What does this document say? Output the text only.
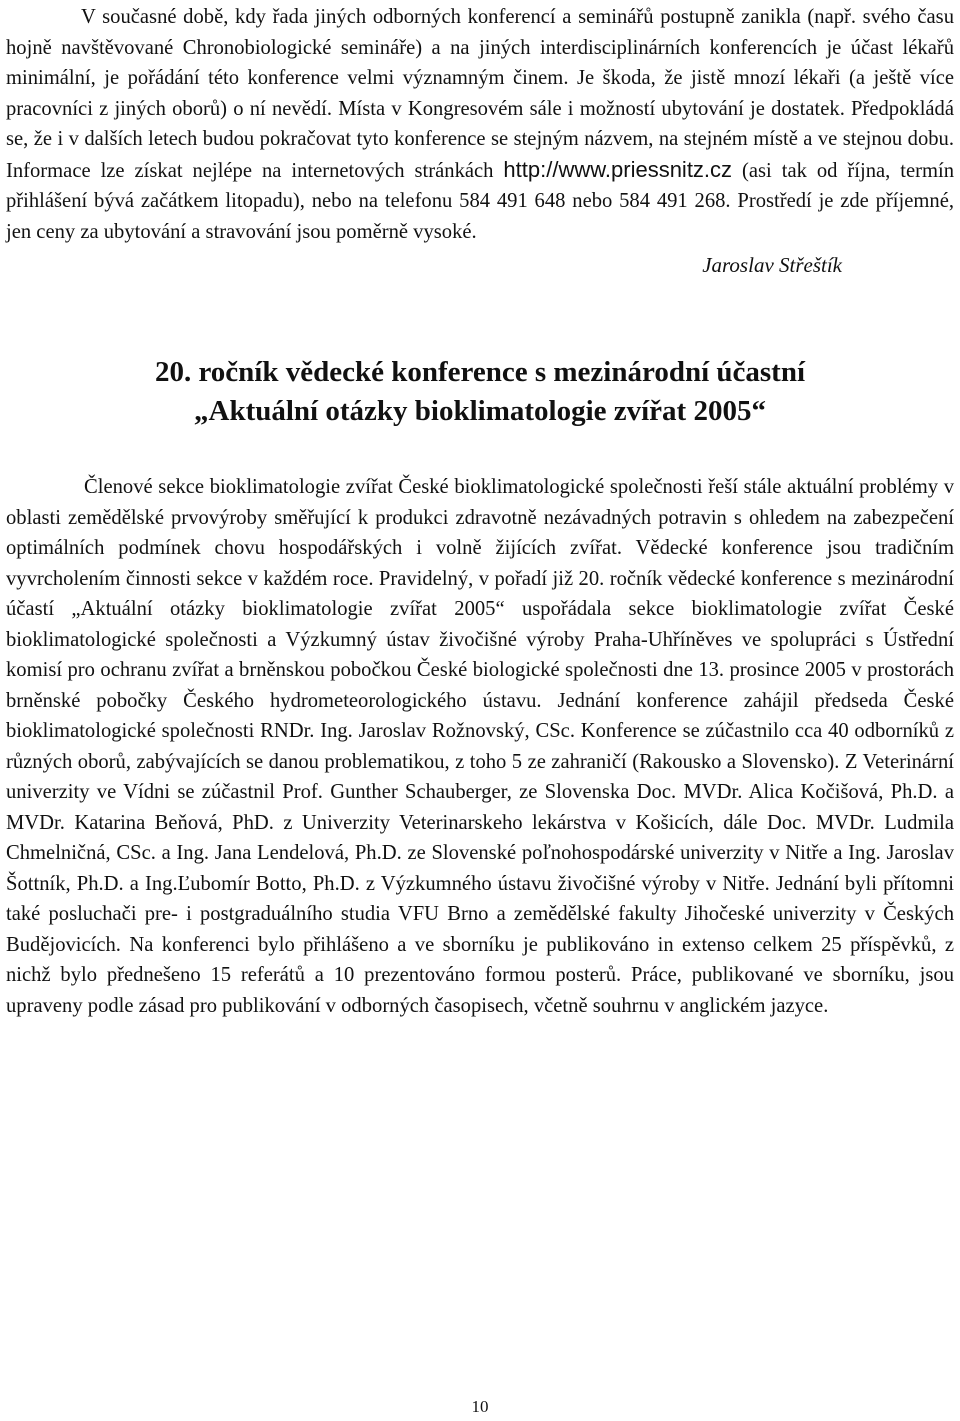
V současné době, kdy řada jiných odborných konferencí a seminářů postupně zanikla (např. svého času hojně navštěvované Chronobiologické semináře) a na jiných interdisciplinárních konferencích je účast lékařů minimální, je pořádání této konference velmi významným činem. Je škoda, že jistě mnozí lékaři (a ještě více pracovníci z jiných oborů) o ní nevědí. Místa v Kongresovém sále i možností ubytování je dostatek. Předpokládá se, že i v dalších letech budou pokračovat tyto konference se stejným názvem, na stejném místě a ve stejnou dobu. Informace lze získat nejlépe na internetových stránkách http://www.priessnitz.cz (asi tak od října, termín přihlášení bývá začátkem litopadu), nebo na telefonu 584 491 648 nebo 584 491 268. Prostředí je zde příjemné, jen ceny za ubytování a stravování jsou poměrně vysoké.

Jaroslav Střeštík
20. ročník vědecké konference s mezinárodní účastní
„Aktuální otázky bioklimatologie zvířat 2005“

Členové sekce bioklimatologie zvířat České bioklimatologické společnosti řeší stále aktuální problémy v oblasti zemědělské prvovýroby směřující k produkci zdravotně nezávadných potravin s ohledem na zabezpečení optimálních podmínek chovu hospodářských i volně žijících zvířat. Vědecké konference jsou tradičním vyvrcholením činnosti sekce v každém roce. Pravidelný, v pořadí již 20. ročník vědecké konference s mezinárodní účastí „Aktuální otázky bioklimatologie zvířat 2005“ uspořádala sekce bioklimatologie zvířat České bioklimatologické společnosti a Výzkumný ústav živočišné výroby Praha-Uhříněves ve spolupráci s Ústřední komisí pro ochranu zvířat a brněnskou pobočkou České biologické společnosti dne 13. prosince 2005 v prostorách brněnské pobočky Českého hydrometeorologického ústavu. Jednání konference zahájil předseda České bioklimatologické společnosti RNDr. Ing. Jaroslav Rožnovský, CSc. Konference se zúčastnilo cca 40 odborníků z různých oborů, zabývajících se danou problematikou, z toho 5 ze zahraničí (Rakousko a Slovensko). Z Veterinární univerzity ve Vídni se zúčastnil Prof. Gunther Schauberger, ze Slovenska Doc. MVDr. Alica Kočišová, Ph.D. a MVDr. Katarina Beňová, PhD. z Univerzity Veterinarskeho lekárstva v Košicích, dále Doc. MVDr. Ludmila Chmelničná, CSc. a Ing. Jana Lendelová, Ph.D. ze Slovenské poľnohospodárské univerzity v Nitře a Ing. Jaroslav Šottník, Ph.D. a Ing.Ľubomír Botto, Ph.D. z Výzkumného ústavu živočišné výroby v Nitře. Jednání byli přítomni také posluchači pre- i postgraduálního studia VFU Brno a zemědělské fakulty Jihočeské univerzity v Českých Budějovicích. Na konferenci bylo přihlášeno a ve sborníku je publikováno in extenso celkem 25 příspěvků, z nichž bylo přednešeno 15 referátů a 10 prezentováno formou posterů. Práce, publikované ve sborníku, jsou upraveny podle zásad pro publikování v odborných časopisech, včetně souhrnu v anglickém jazyce.

10
